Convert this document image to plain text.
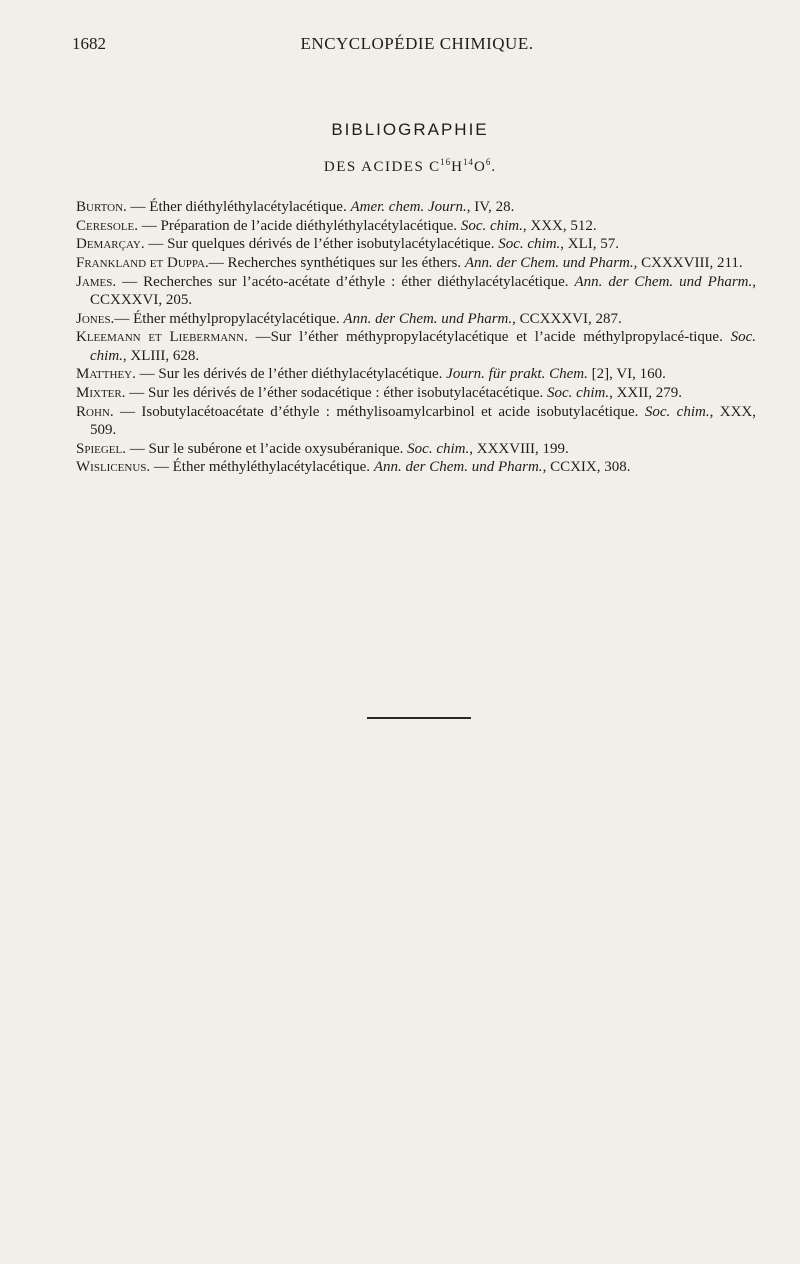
1682	ENCYCLOPÉDIE CHIMIQUE.
BIBLIOGRAPHIE
DES ACIDES $C^{16}H^{14}O^6$.

Burton. — Éther diéthyléthylacétylacétique. Amer. chem. Journ., IV, 28.

Ceresole. — Préparation de l’acide diéthyléthylacétylacétique. Soc. chim., XXX, 512.

Demarçay. — Sur quelques dérivés de l’éther isobutylacétylacétique. Soc. chim., XLI, 57.

Frankland et Duppa.— Recherches synthétiques sur les éthers. Ann. der Chem. und Pharm., CXXXVIII, 211.

James. — Recherches sur l’acéto-acétate d’éthyle : éther diéthylacétylacétique. Ann. der Chem. und Pharm., CCXXXVI, 205.

Jones.— Éther méthylpropylacétylacétique. Ann. der Chem. und Pharm., CCXXXVI, 287.

Kleemann et Liebermann. —Sur l’éther méthypropylacétylacétique et l’acide méthylpropylacé-tique. Soc. chim., XLIII, 628.

Matthey. — Sur les dérivés de l’éther diéthylacétylacétique. Journ. für prakt. Chem. [2], VI, 160.

Mixter. — Sur les dérivés de l’éther sodacétique : éther isobutylacétacétique. Soc. chim., XXII, 279.

Rohn. — Isobutylacétoacétate d’éthyle : méthylisoamylcarbinol et acide isobutylacétique. Soc. chim., XXX, 509.

Spiegel. — Sur le subérone et l’acide oxysubéranique. Soc. chim., XXXVIII, 199.

Wislicenus. — Éther méthyléthylacétylacétique. Ann. der Chem. und Pharm., CCXIX, 308.
